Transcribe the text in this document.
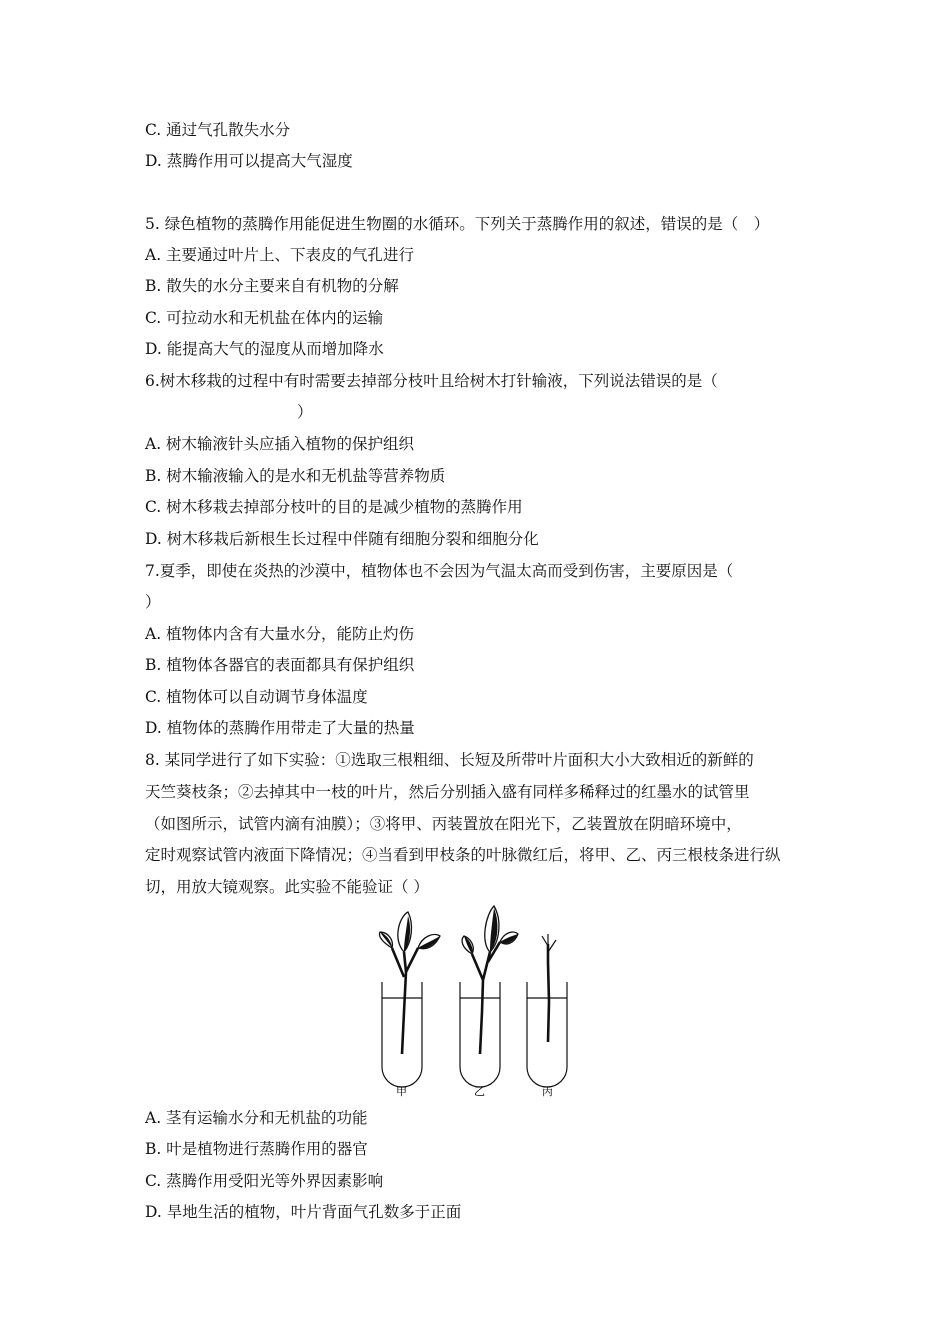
C. 通过气孔散失水分
D. 蒸腾作用可以提高大气湿度
5. 绿色植物的蒸腾作用能促进生物圈的水循环。下列关于蒸腾作用的叙述，错误的是（　）
A. 主要通过叶片上、下表皮的气孔进行
B. 散失的水分主要来自有机物的分解
C. 可拉动水和无机盐在体内的运输
D. 能提高大气的湿度从而增加降水
6.树木移栽的过程中有时需要去掉部分枝叶且给树木打针输液，下列说法错误的是（
）
A. 树木输液针头应插入植物的保护组织
B. 树木输液输入的是水和无机盐等营养物质
C. 树木移栽去掉部分枝叶的目的是减少植物的蒸腾作用
D. 树木移栽后新根生长过程中伴随有细胞分裂和细胞分化
7.夏季，即使在炎热的沙漠中，植物体也不会因为气温太高而受到伤害，主要原因是（
）
A. 植物体内含有大量水分，能防止灼伤
B. 植物体各器官的表面都具有保护组织
C. 植物体可以自动调节身体温度
D. 植物体的蒸腾作用带走了大量的热量
8. 某同学进行了如下实验：①选取三根粗细、长短及所带叶片面积大小大致相近的新鲜的
天竺葵枝条；②去掉其中一枝的叶片，然后分别插入盛有同样多稀释过的红墨水的试管里
（如图所示，试管内滴有油膜）；③将甲、丙装置放在阳光下，乙装置放在阴暗环境中，
定时观察试管内液面下降情况；④当看到甲枝条的叶脉微红后，将甲、乙、丙三根枝条进行纵
切，用放大镜观察。此实验不能验证（ ）
甲	乙	丙
A. 茎有运输水分和无机盐的功能
B. 叶是植物进行蒸腾作用的器官
C. 蒸腾作用受阳光等外界因素影响
D. 旱地生活的植物，叶片背面气孔数多于正面
